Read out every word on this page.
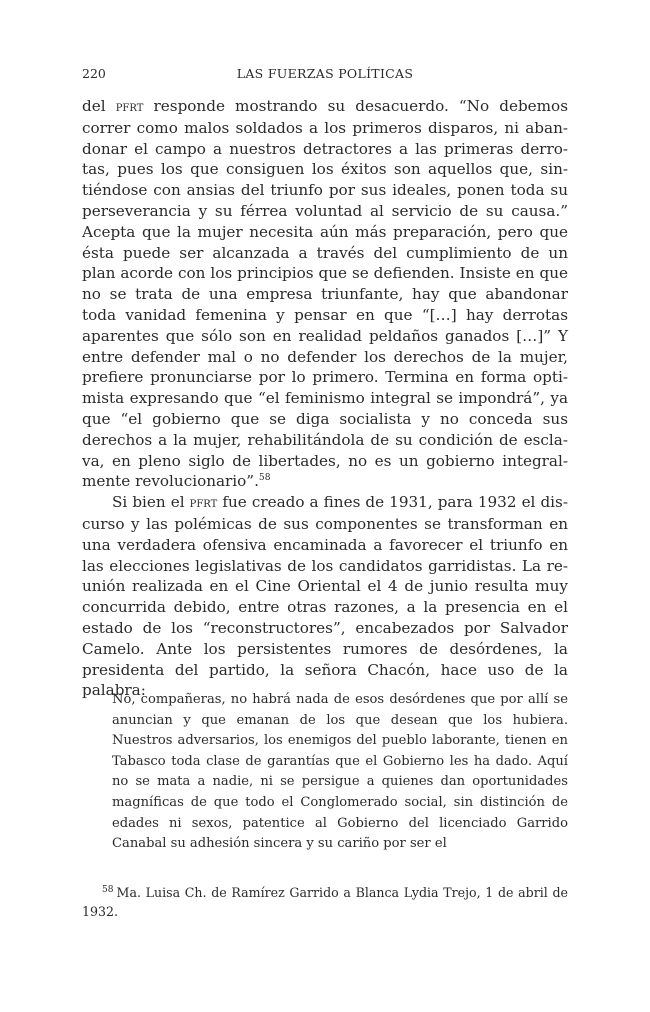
220	LAS FUERZAS POLÍTICAS

del pfrt responde mostrando su desacuerdo. “No debemos correr como malos soldados a los primeros disparos, ni abandonar el campo a nuestros detractores a las primeras derrotas, pues los que consiguen los éxitos son aquellos que, sintiéndose con ansias del triunfo por sus ideales, ponen toda su perseverancia y su férrea voluntad al servicio de su causa.” Acepta que la mujer necesita aún más preparación, pero que ésta puede ser alcanzada a través del cumplimiento de un plan acorde con los principios que se defienden. Insiste en que no se trata de una empresa triunfante, hay que abandonar toda vanidad femenina y pensar en que “[…] hay derrotas aparentes que sólo son en realidad peldaños ganados […]” Y entre defender mal o no defender los derechos de la mujer, prefiere pronunciarse por lo primero. Termina en forma optimista expresando que “el feminismo integral se impondrá”, ya que “el gobierno que se diga socialista y no conceda sus derechos a la mujer, rehabilitándola de su condición de esclava, en pleno siglo de libertades, no es un gobierno integralmente revolucionario”.$^{58}$

Si bien el pfrt fue creado a fines de 1931, para 1932 el discurso y las polémicas de sus componentes se transforman en una verdadera ofensiva encaminada a favorecer el triunfo en las elecciones legislativas de los candidatos garridistas. La reunión realizada en el Cine Oriental el 4 de junio resulta muy concurrida debido, entre otras razones, a la presencia en el estado de los “reconstructores”, encabezados por Salvador Camelo. Ante los persistentes rumores de desórdenes, la presidenta del partido, la señora Chacón, hace uso de la palabra:

No, compañeras, no habrá nada de esos desórdenes que por allí se anuncian y que emanan de los que desean que los hubiera. Nuestros adversarios, los enemigos del pueblo laborante, tienen en Tabasco toda clase de garantías que el Gobierno les ha dado. Aquí no se mata a nadie, ni se persigue a quienes dan oportunidades magníficas de que todo el Conglomerado social, sin distinción de edades ni sexos, patentice al Gobierno del licenciado Garrido Canabal su adhesión sincera y su cariño por ser el
$^{58}$ Ma. Luisa Ch. de Ramírez Garrido a Blanca Lydia Trejo, 1 de abril de 1932.
